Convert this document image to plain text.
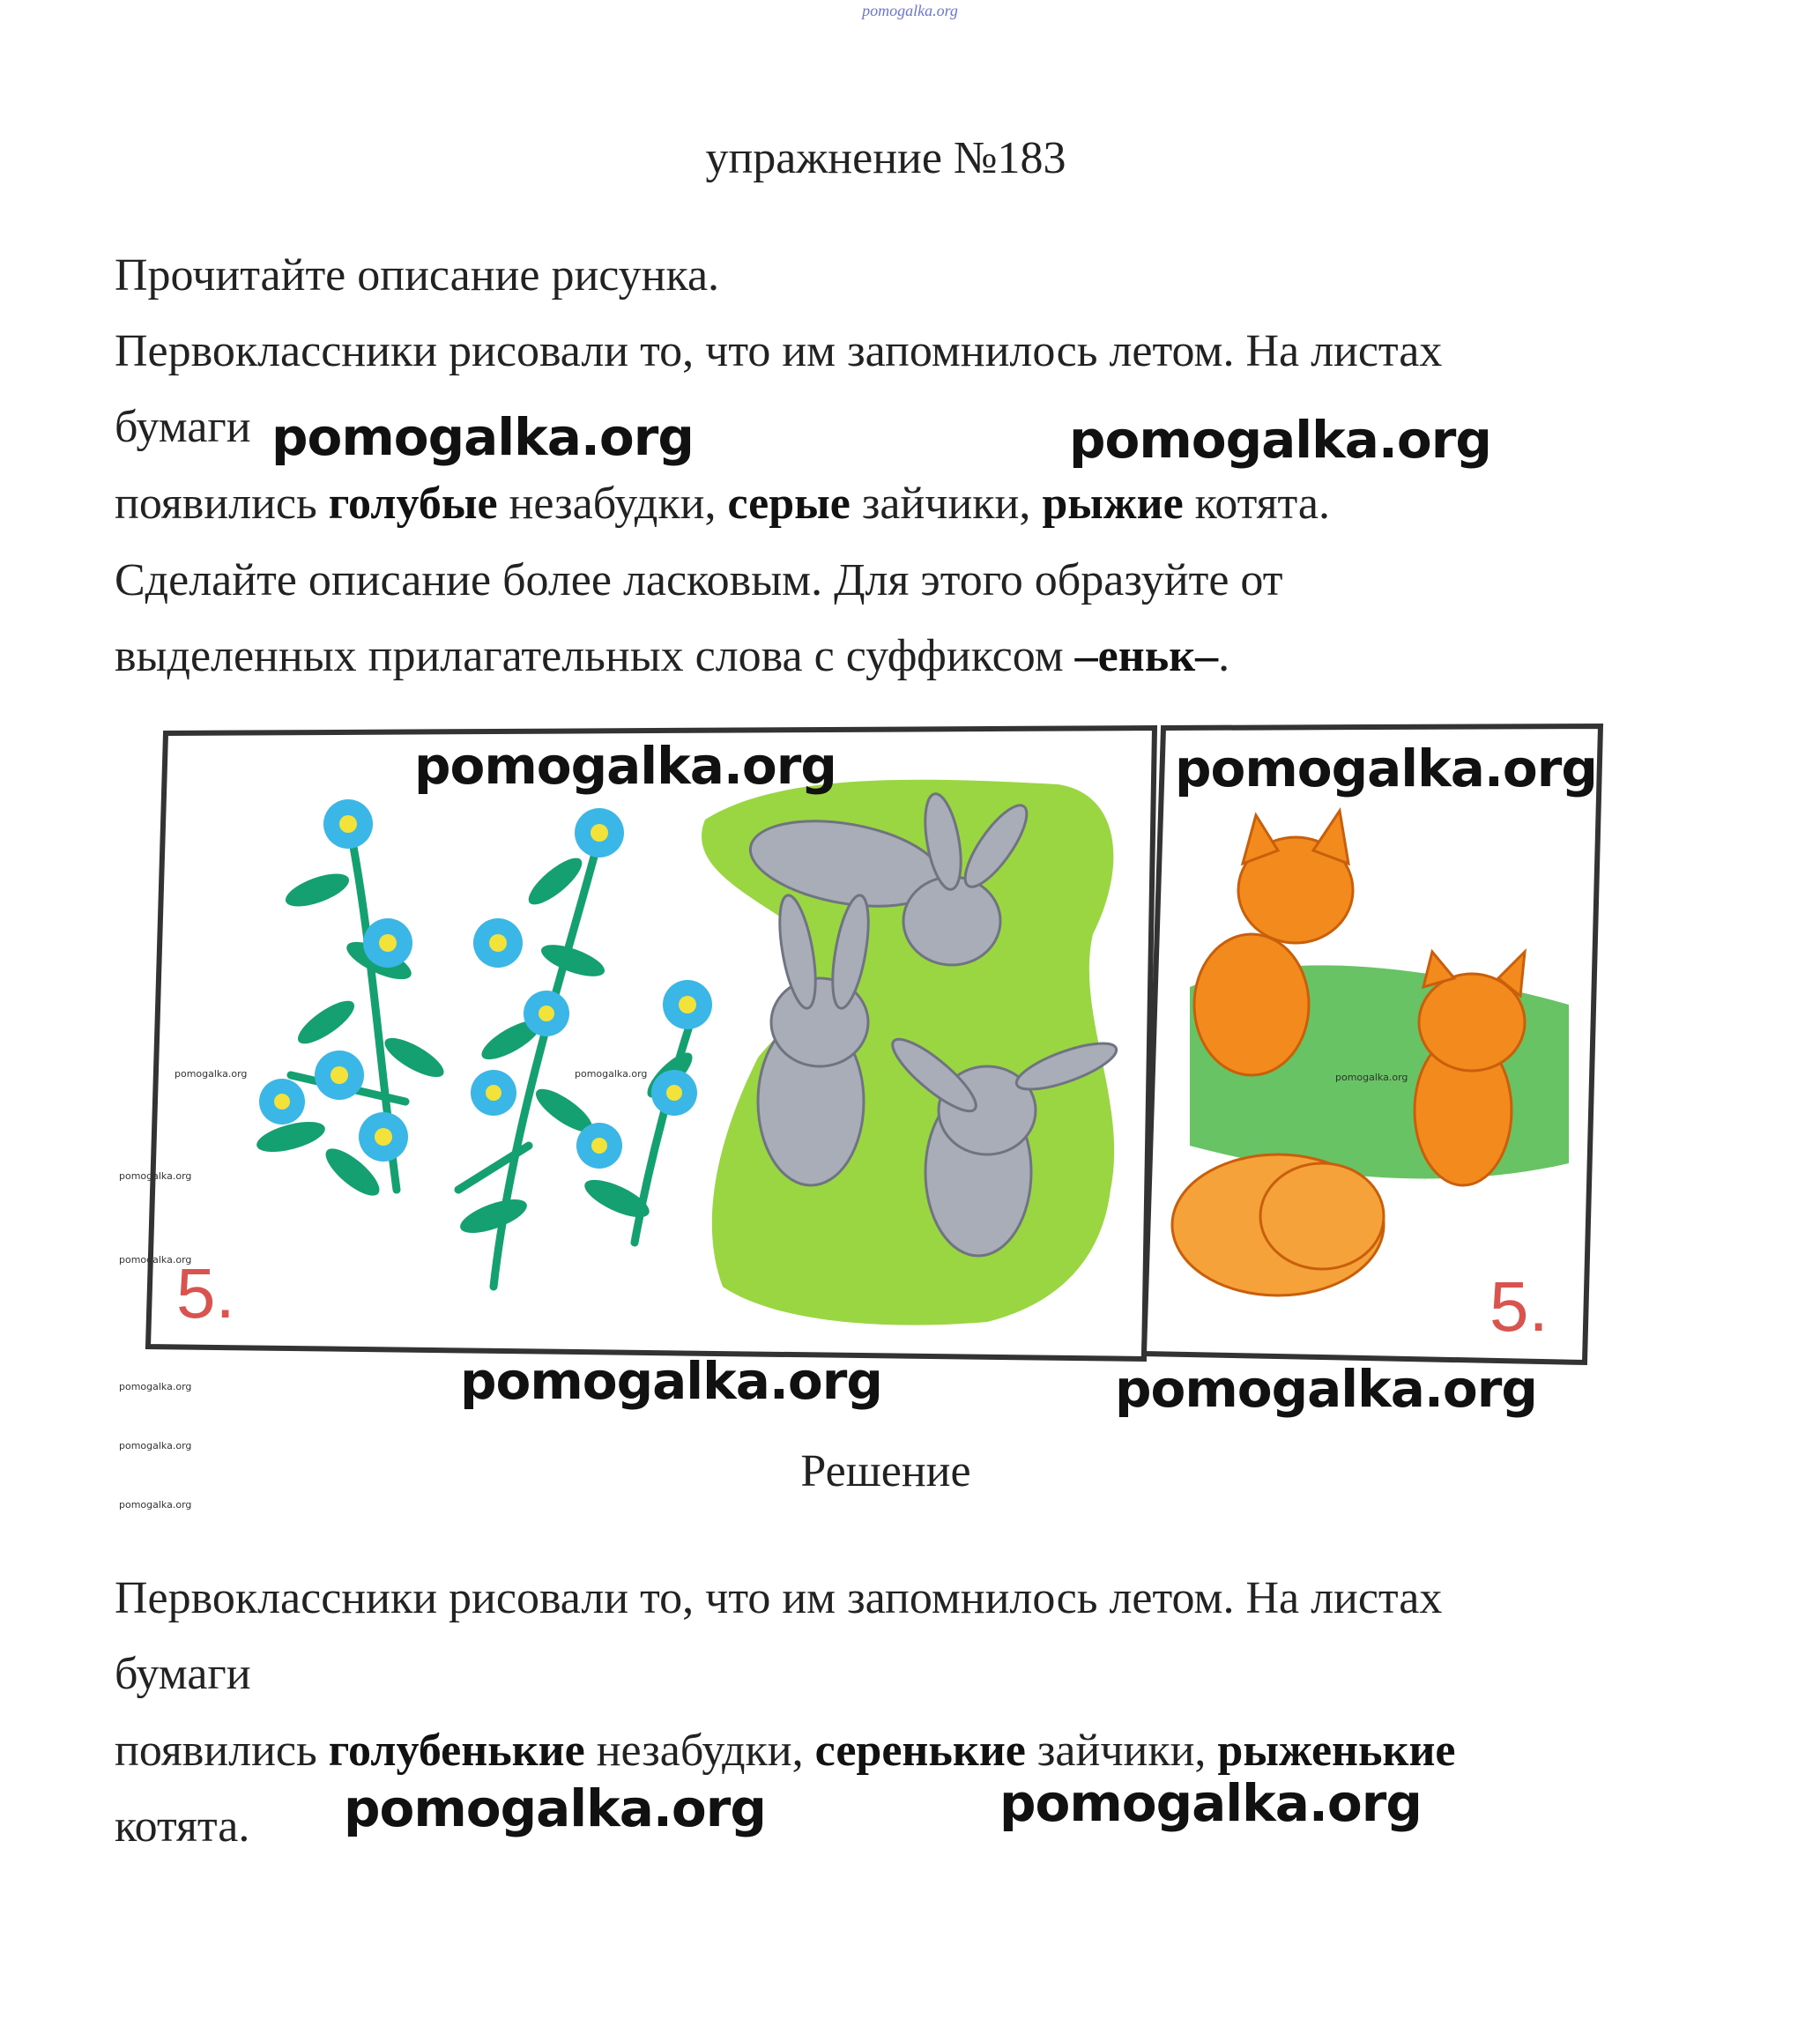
pomogalka.org
упражнение №183
Прочитайте описание рисунка.
Первоклассники рисовали то, что им запомнилось летом. На листах
бумаги
появились голубые незабудки, серые зайчики, рыжие котята.
Сделайте описание более ласковым. Для этого образуйте от
выделенных прилагательных слова с суффиксом –еньк–.
5.	5.
pomogalka.org	pomogalka.org
pomogalka.org	pomogalka.org
pomogalka.org	pomogalka.org
pomogalka.org	pomogalka.org
pomogalka.org	pomogalka.org	pomogalka.org
pomogalka.org
pomogalka.org
pomogalka.org
pomogalka.org
pomogalka.org
Решение
Первоклассники рисовали то, что им запомнилось летом. На листах
бумаги
появились голубенькие незабудки, серенькие зайчики, рыженькие
котята.
